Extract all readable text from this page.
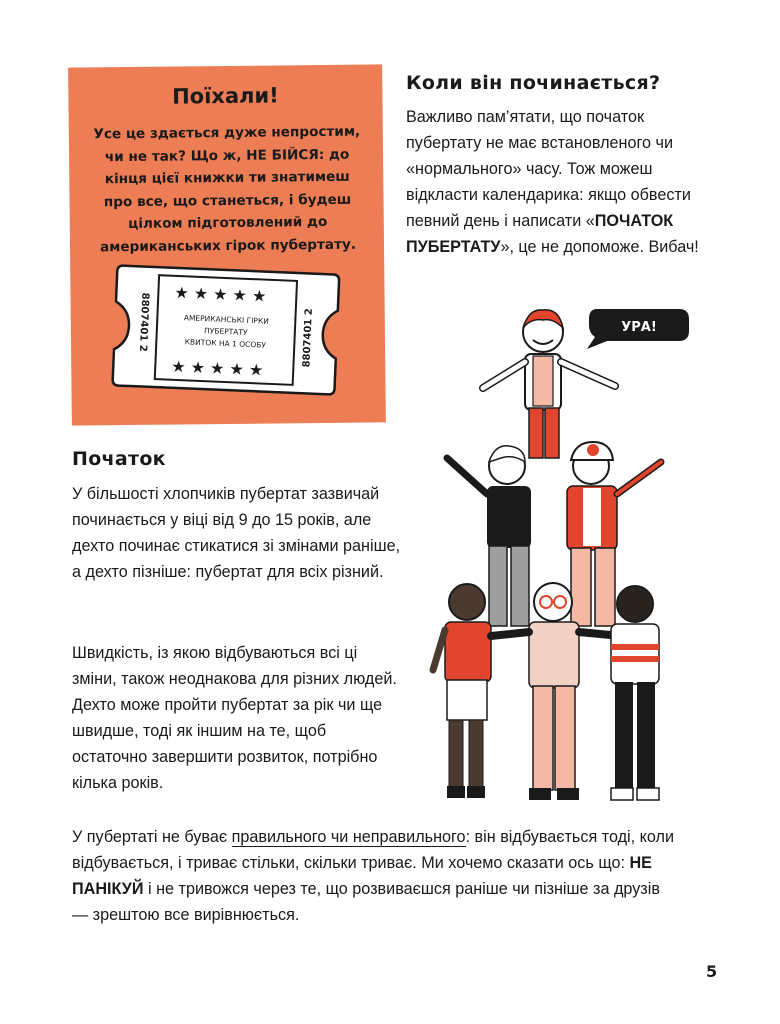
Поїхали!
Усе це здається дуже непростим, чи не так? Що ж, НЕ БІЙСЯ: до кінця цієї книжки ти знатимеш про все, що станеться, і будеш цілком підготовлений до американських гірок пубертату.
★ ★ ★ ★ ★
★ ★ ★ ★ ★
АМЕРИКАНСЬКІ ГІРКИ
ПУБЕРТАТУ
КВИТОК НА 1 ОСОБУ
8807401 2	8807401 2
Коли він починається?

Важливо пам’ятати, що початок пубертату не має встановленого чи «нормального» часу. Тож можеш відкласти календарика: якщо обвести певний день і написати «ПОЧАТОК ПУБЕРТАТУ», це не допоможе. Вибач!

УРА!
Початок

У більшості хлопчиків пубертат зазвичай починається у віці від 9 до 15 років, але дехто починає стикатися зі змінами раніше, а дехто пізніше: пубертат для всіх різний.

Швидкість, із якою відбуваються всі ці зміни, також неоднакова для різних людей. Дехто може пройти пубертат за рік чи ще швидше, тоді як іншим на те, щоб остаточно завершити розвиток, потрібно кілька років.

У пубертаті не буває правильного чи неправильного: він відбувається тоді, коли відбувається, і триває стільки, скільки триває. Ми хочемо сказати ось що: НЕ ПАНІКУЙ і не тривожся через те, що розвиваєшся раніше чи пізніше за друзів — зрештою все вирівнюється.

5
